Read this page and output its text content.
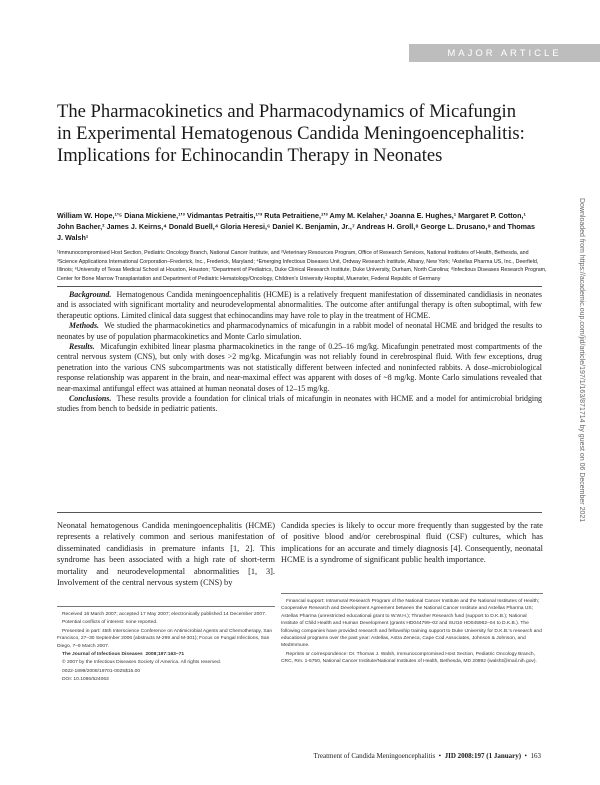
MAJOR ARTICLE
The Pharmacokinetics and Pharmacodynamics of Micafungin in Experimental Hematogenous Candida Meningoencephalitis: Implications for Echinocandin Therapy in Neonates
William W. Hope,¹ʼ⁵ Diana Mickiene,¹ʼ³ Vidmantas Petraitis,¹ʼ³ Ruta Petraitiene,¹ʼ³ Amy M. Kelaher,¹ Joanna E. Hughes,¹ Margaret P. Cotton,¹ John Bacher,² James J. Keirns,⁴ Donald Buell,⁴ Gloria Heresi,⁶ Daniel K. Benjamin, Jr.,⁷ Andreas H. Groll,⁸ George L. Drusano,⁹ and Thomas J. Walsh¹
¹Immunocompromised Host Section, Pediatric Oncology Branch, National Cancer Institute, and ²Veterinary Resources Program, Office of Research Services, National Institutes of Health, Bethesda, and ³Science Applications International Corporation–Frederick, Inc., Frederick, Maryland; ⁴Emerging Infectious Diseases Unit, Ordway Research Institute, Albany, New York; ⁵Astellas Pharma US, Inc., Deerfield, Illinois; ⁶University of Texas Medical School at Houston, Houston; ⁷Department of Pediatrics, Duke Clinical Research Institute, Duke University, Durham, North Carolina; ⁸Infectious Diseases Research Program, Center for Bone Marrow Transplantation and Department of Pediatric Hematology/Oncology, Children's University Hospital, Muenster, Federal Republic of Germany

Background. Hematogenous Candida meningoencephalitis (HCME) is a relatively frequent manifestation of disseminated candidiasis in neonates and is associated with significant mortality and neurodevelopmental abnormalities. The outcome after antifungal therapy is often suboptimal, with few therapeutic options. Limited clinical data suggest that echinocandins may have role to play in the treatment of HCME.

Methods. We studied the pharmacokinetics and pharmacodynamics of micafungin in a rabbit model of neonatal HCME and bridged the results to neonates by use of population pharmacokinetics and Monte Carlo simulation.

Results. Micafungin exhibited linear plasma pharmacokinetics in the range of 0.25–16 mg/kg. Micafungin penetrated most compartments of the central nervous system (CNS), but only with doses >2 mg/kg. Micafungin was not reliably found in cerebrospinal fluid. With few exceptions, drug penetration into the various CNS subcompartments was not statistically different between infected and noninfected rabbits. A dose–microbiological response relationship was apparent in the brain, and near-maximal effect was apparent with doses of ~8 mg/kg. Monte Carlo simulations revealed that near-maximal antifungal effect was attained at human neonatal doses of 12–15 mg/kg.

Conclusions. These results provide a foundation for clinical trials of micafungin in neonates with HCME and a model for antimicrobial bridging studies from bench to bedside in pediatric patients.

Neonatal hematogenous Candida meningoencephalitis (HCME) represents a relatively common and serious manifestation of disseminated candidiasis in premature infants [1, 2]. This syndrome has been associated with a high rate of short-term mortality and neurodevelopmental abnormalities [1, 3]. Involvement of the central nervous system (CNS) by

Candida species is likely to occur more frequently than suggested by the rate of positive blood and/or cerebrospinal fluid (CSF) cultures, which has implications for an accurate and timely diagnosis [4]. Consequently, neonatal HCME is a syndrome of significant public health importance.

Received 16 March 2007; accepted 17 May 2007; electronically published 14 December 2007.

Potential conflicts of interest: none reported.

Presented in part: 45th Interscience Conference on Antimicrobial Agents and Chemotherapy, San Francisco, 27–30 September 2006 (abstracts M-299 and M-301); Focus on Fungal Infections, San Diego, 7–9 March 2007.

The Journal of Infectious Diseases 2008;197:163–71

© 2007 by the Infectious Diseases Society of America. All rights reserved.

0022-1899/2008/19701-0025$15.00

DOI: 10.1086/524063

Financial support: Intramural Research Program of the National Cancer Institute and the National Institutes of Health; Cooperative Research and Development Agreement between the National Cancer Institute and Astellas Pharma US; Astellas Pharma (unrestricted educational grant to W.W.H.); Thrasher Research fund (support to D.K.B.); National Institute of Child Health and Human Development (grants HD044799–02 and SUI10 HD045962–04 to D.K.B.). The following companies have provided research and fellowship training support to Duke University for D.K.B.'s research and educational programs over the past year: Astellas, Astra Zeneca, Cape Cod Associates, Johnson & Johnson, and MedImmune.

Reprints or correspondence: Dr. Thomas J. Walsh, Immunocompromised Host Section, Pediatric Oncology Branch, CRC, Rm. 1-5750, National Cancer Institute/National Institutes of Health, Bethesda, MD 20892 (walsht@mail.nih.gov).

Downloaded from https://academic.oup.com/jid/article/197/1/163/871714 by guest on 06 December 2021
Treatment of Candida Meningoencephalitis  •  JID 2008:197 (1 January)  •  163
